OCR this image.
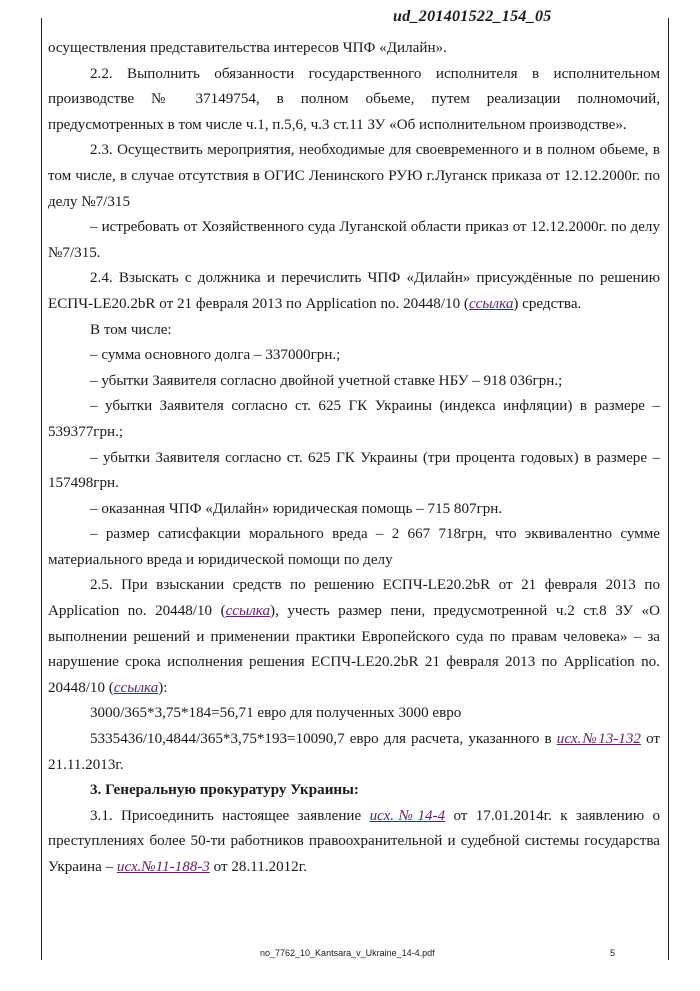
ud_201401522_154_05

осуществления представительства интересов ЧПФ «Дилайн».

2.2. Выполнить обязанности государственного исполнителя в исполнительном производстве № 37149754, в полном обьеме, путем реализации полномочий, предусмотренных в том числе ч.1, п.5,6, ч.3 ст.11 ЗУ «Об исполнительном производстве».

2.3. Осуществить мероприятия, необходимые для своевременного и в полном обьеме, в том числе, в случае отсутствия в ОГИС Ленинского РУЮ г.Луганск приказа от 12.12.2000г. по делу №7/315

– истребовать от Хозяйственного суда Луганской области приказ от 12.12.2000г. по делу №7/315.

2.4. Взыскать с должника и перечислить ЧПФ «Дилайн» присуждённые по решению ЕСПЧ-LE20.2bR от 21 февраля 2013 по Application no. 20448/10 (ссылка) средства.

В том числе:

– сумма основного долга – 337000грн.;

– убытки Заявителя согласно двойной учетной ставке НБУ – 918 036грн.;

– убытки Заявителя согласно ст. 625 ГК Украины (индекса инфляции) в размере – 539377грн.;

– убытки Заявителя согласно ст. 625 ГК Украины (три процента годовых) в размере – 157498грн.

– оказанная ЧПФ «Дилайн» юридическая помощь – 715 807грн.

– размер сатисфакции морального вреда – 2 667 718грн, что эквивалентно сумме материального вреда и юридической помощи по делу

2.5. При взыскании средств по решению ЕСПЧ-LE20.2bR от 21 февраля 2013 по Application no. 20448/10 (ссылка), учесть размер пени, предусмотренной ч.2 ст.8 ЗУ «О выполнении решений и применении практики Европейского суда по правам человека» – за нарушение срока исполнения решения ЕСПЧ-LE20.2bR 21 февраля 2013 по Application no. 20448/10 (ссылка):

3000/365*3,75*184=56,71 евро для полученных 3000 евро

5335436/10,4844/365*3,75*193=10090,7 евро для расчета, указанного в исх.№13-132 от 21.11.2013г.

3. Генеральную прокуратуру Украины:

3.1. Присоединить настоящее заявление исх.№14-4 от 17.01.2014г. к заявлению о преступлениях более 50-ти работников правоохранительной и судебной системы государства Украина – исх.№11-188-3 от 28.11.2012г.

no_7762_10_Kantsara_v_Ukraine_14-4.pdf	5
